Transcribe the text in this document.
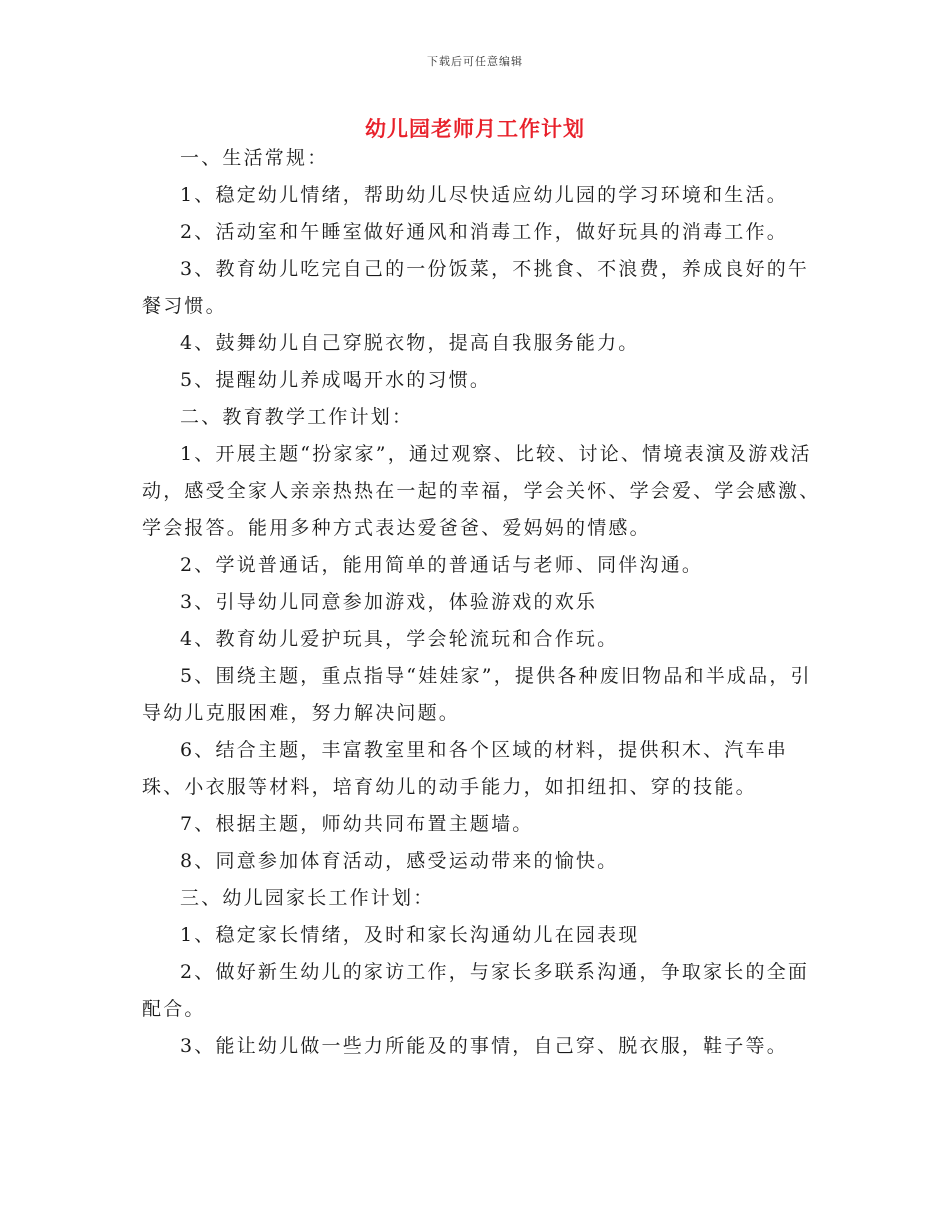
下载后可任意编辑
幼儿园老师月工作计划

一、生活常规：

1、稳定幼儿情绪，帮助幼儿尽快适应幼儿园的学习环境和生活。

2、活动室和午睡室做好通风和消毒工作，做好玩具的消毒工作。

3、教育幼儿吃完自己的一份饭菜，不挑食、不浪费，养成良好的午餐习惯。

4、鼓舞幼儿自己穿脱衣物，提高自我服务能力。

5、提醒幼儿养成喝开水的习惯。

二、教育教学工作计划：

1、开展主题“扮家家”，通过观察、比较、讨论、情境表演及游戏活动，感受全家人亲亲热热在一起的幸福，学会关怀、学会爱、学会感激、学会报答。能用多种方式表达爱爸爸、爱妈妈的情感。

2、学说普通话，能用简单的普通话与老师、同伴沟通。

3、引导幼儿同意参加游戏，体验游戏的欢乐

4、教育幼儿爱护玩具，学会轮流玩和合作玩。

5、围绕主题，重点指导“娃娃家”，提供各种废旧物品和半成品，引导幼儿克服困难，努力解决问题。

6、结合主题，丰富教室里和各个区域的材料，提供积木、汽车串珠、小衣服等材料，培育幼儿的动手能力，如扣纽扣、穿的技能。

7、根据主题，师幼共同布置主题墙。

8、同意参加体育活动，感受运动带来的愉快。

三、幼儿园家长工作计划：

1、稳定家长情绪，及时和家长沟通幼儿在园表现

2、做好新生幼儿的家访工作，与家长多联系沟通，争取家长的全面配合。

3、能让幼儿做一些力所能及的事情，自己穿、脱衣服，鞋子等。
